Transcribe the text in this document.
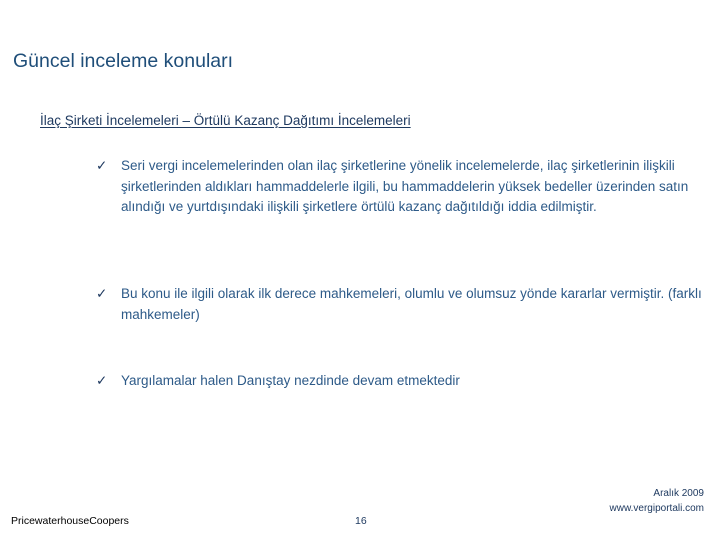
Güncel inceleme konuları
İlaç Şirketi İncelemeleri – Örtülü Kazanç Dağıtımı İncelemeleri
✓	Seri vergi incelemelerinden olan ilaç şirketlerine yönelik incelemelerde, ilaç şirketlerinin ilişkili şirketlerinden aldıkları hammaddelerle ilgili, bu hammaddelerin yüksek bedeller üzerinden satın alındığı ve yurtdışındaki ilişkili şirketlere örtülü kazanç dağıtıldığı iddia edilmiştir.
✓	Bu konu ile ilgili olarak ilk derece mahkemeleri, olumlu ve olumsuz yönde kararlar vermiştir. (farklı mahkemeler)
✓	Yargılamalar halen Danıştay nezdinde devam etmektedir
Aralık 2009
www.vergiportali.com
PricewaterhouseCoopers	16
